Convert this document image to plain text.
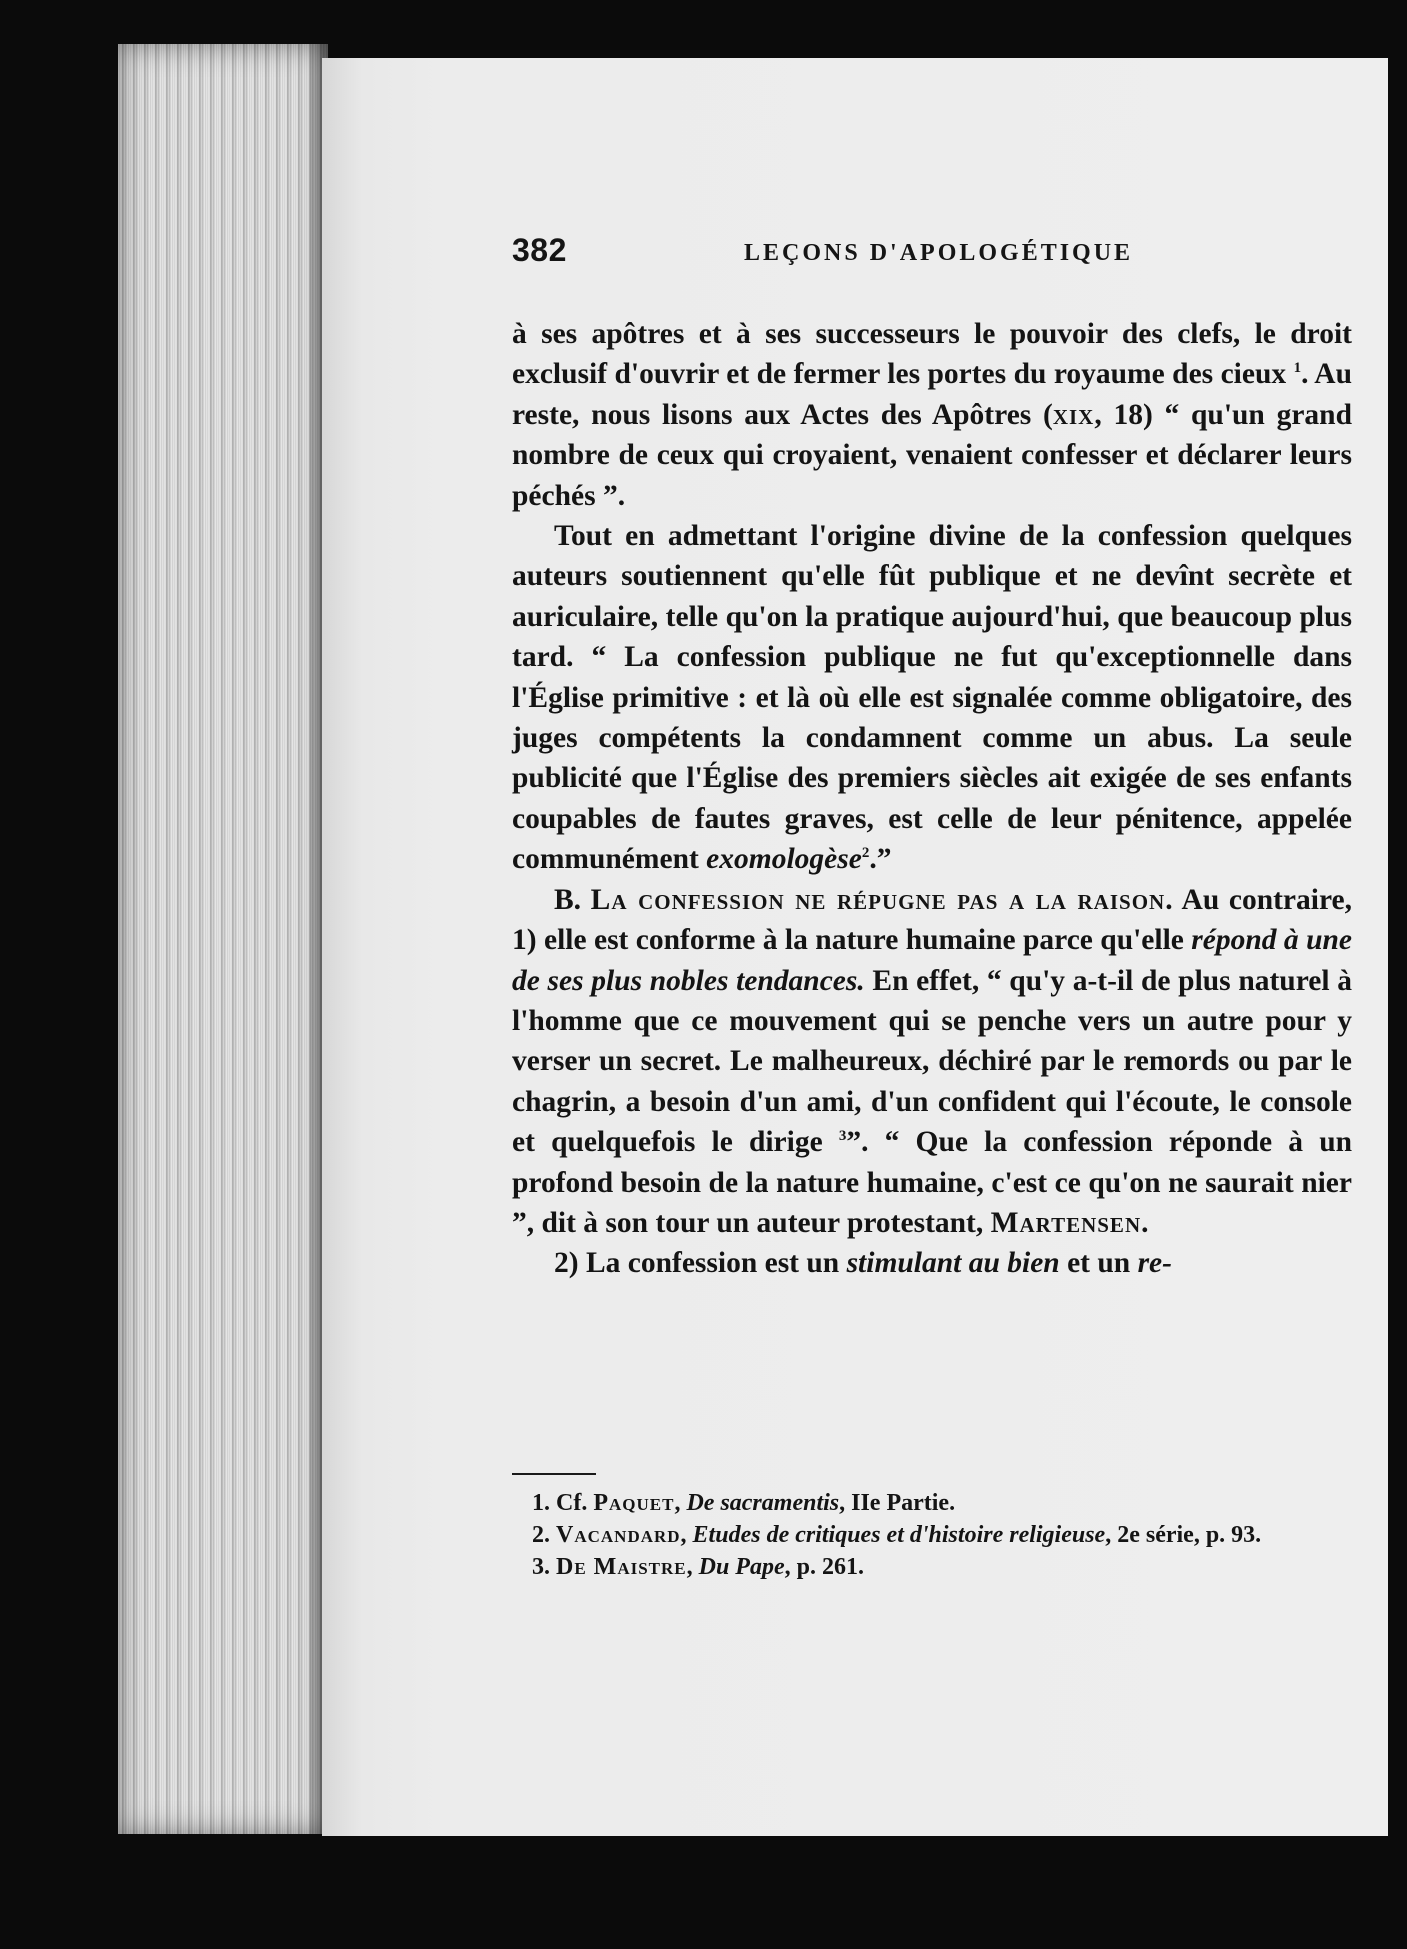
382	LEÇONS D'APOLOGÉTIQUE

à ses apôtres et à ses successeurs le pouvoir des clefs, le droit exclusif d'ouvrir et de fermer les portes du royaume des cieux $^1$. Au reste, nous lisons aux Actes des Apôtres (xix, 18) “ qu'un grand nombre de ceux qui croyaient, venaient confesser et déclarer leurs péchés ”.

Tout en admettant l'origine divine de la confession quelques auteurs soutiennent qu'elle fût publique et ne devînt secrète et auriculaire, telle qu'on la pratique aujourd'hui, que beaucoup plus tard. “ La confession publique ne fut qu'exceptionnelle dans l'Église primitive : et là où elle est signalée comme obligatoire, des juges compétents la condamnent comme un abus. La seule publicité que l'Église des premiers siècles ait exigée de ses enfants coupables de fautes graves, est celle de leur pénitence, appelée communément exomologèse$^2$.”

B. La confession ne répugne pas a la raison. Au contraire, 1) elle est conforme à la nature humaine parce qu'elle répond à une de ses plus nobles tendances. En effet, “ qu'y a-t-il de plus naturel à l'homme que ce mouvement qui se penche vers un autre pour y verser un secret. Le malheureux, déchiré par le remords ou par le chagrin, a besoin d'un ami, d'un confident qui l'écoute, le console et quelquefois le dirige $^3$”. “ Que la confession réponde à un profond besoin de la nature humaine, c'est ce qu'on ne saurait nier ”, dit à son tour un auteur protestant, Martensen.

2) La confession est un stimulant au bien et un re-

1. Cf. Paquet, De sacramentis, IIe Partie.

2. Vacandard, Etudes de critiques et d'histoire religieuse, 2e série, p. 93.

3. De Maistre, Du Pape, p. 261.
